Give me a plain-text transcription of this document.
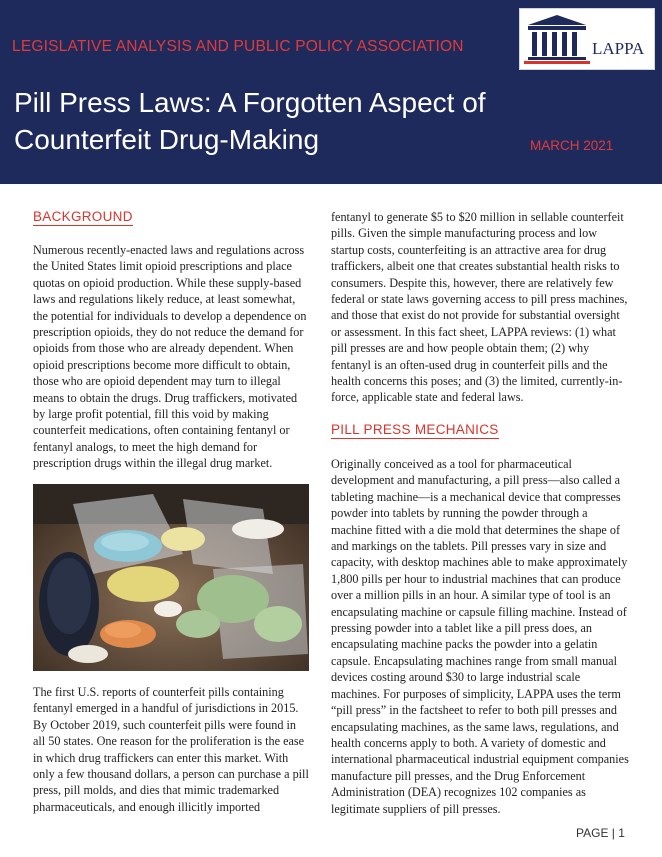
LEGISLATIVE ANALYSIS AND PUBLIC POLICY ASSOCIATION	LAPPA
Pill Press Laws: A Forgotten Aspect of Counterfeit Drug-Making	MARCH 2021
BACKGROUND
Numerous recently-enacted laws and regulations across the United States limit opioid prescriptions and place quotas on opioid production. While these supply-based laws and regulations likely reduce, at least somewhat, the potential for individuals to develop a dependence on prescription opioids, they do not reduce the demand for opioids from those who are already dependent. When opioid prescriptions become more difficult to obtain, those who are opioid dependent may turn to illegal means to obtain the drugs. Drug traffickers, motivated by large profit potential, fill this void by making counterfeit medications, often containing fentanyl or fentanyl analogs, to meet the high demand for prescription drugs within the illegal drug market.
The first U.S. reports of counterfeit pills containing fentanyl emerged in a handful of jurisdictions in 2015. By October 2019, such counterfeit pills were found in all 50 states. One reason for the proliferation is the ease in which drug traffickers can enter this market. With only a few thousand dollars, a person can purchase a pill press, pill molds, and dies that mimic trademarked pharmaceuticals, and enough illicitly imported
fentanyl to generate $5 to $20 million in sellable counterfeit pills. Given the simple manufacturing process and low startup costs, counterfeiting is an attractive area for drug traffickers, albeit one that creates substantial health risks to consumers. Despite this, however, there are relatively few federal or state laws governing access to pill press machines, and those that exist do not provide for substantial oversight or assessment. In this fact sheet, LAPPA reviews: (1) what pill presses are and how people obtain them; (2) why fentanyl is an often-used drug in counterfeit pills and the health concerns this poses; and (3) the limited, currently-in-force, applicable state and federal laws.
PILL PRESS MECHANICS
Originally conceived as a tool for pharmaceutical development and manufacturing, a pill press—also called a tableting machine—is a mechanical device that compresses powder into tablets by running the powder through a machine fitted with a die mold that determines the shape of and markings on the tablets. Pill presses vary in size and capacity, with desktop machines able to make approximately 1,800 pills per hour to industrial machines that can produce over a million pills in an hour. A similar type of tool is an encapsulating machine or capsule filling machine. Instead of pressing powder into a tablet like a pill press does, an encapsulating machine packs the powder into a gelatin capsule. Encapsulating machines range from small manual devices costing around $30 to large industrial scale machines. For purposes of simplicity, LAPPA uses the term “pill press” in the factsheet to refer to both pill presses and encapsulating machines, as the same laws, regulations, and health concerns apply to both. A variety of domestic and international pharmaceutical industrial equipment companies manufacture pill presses, and the Drug Enforcement Administration (DEA) recognizes 102 companies as legitimate suppliers of pill presses.
PAGE | 1
